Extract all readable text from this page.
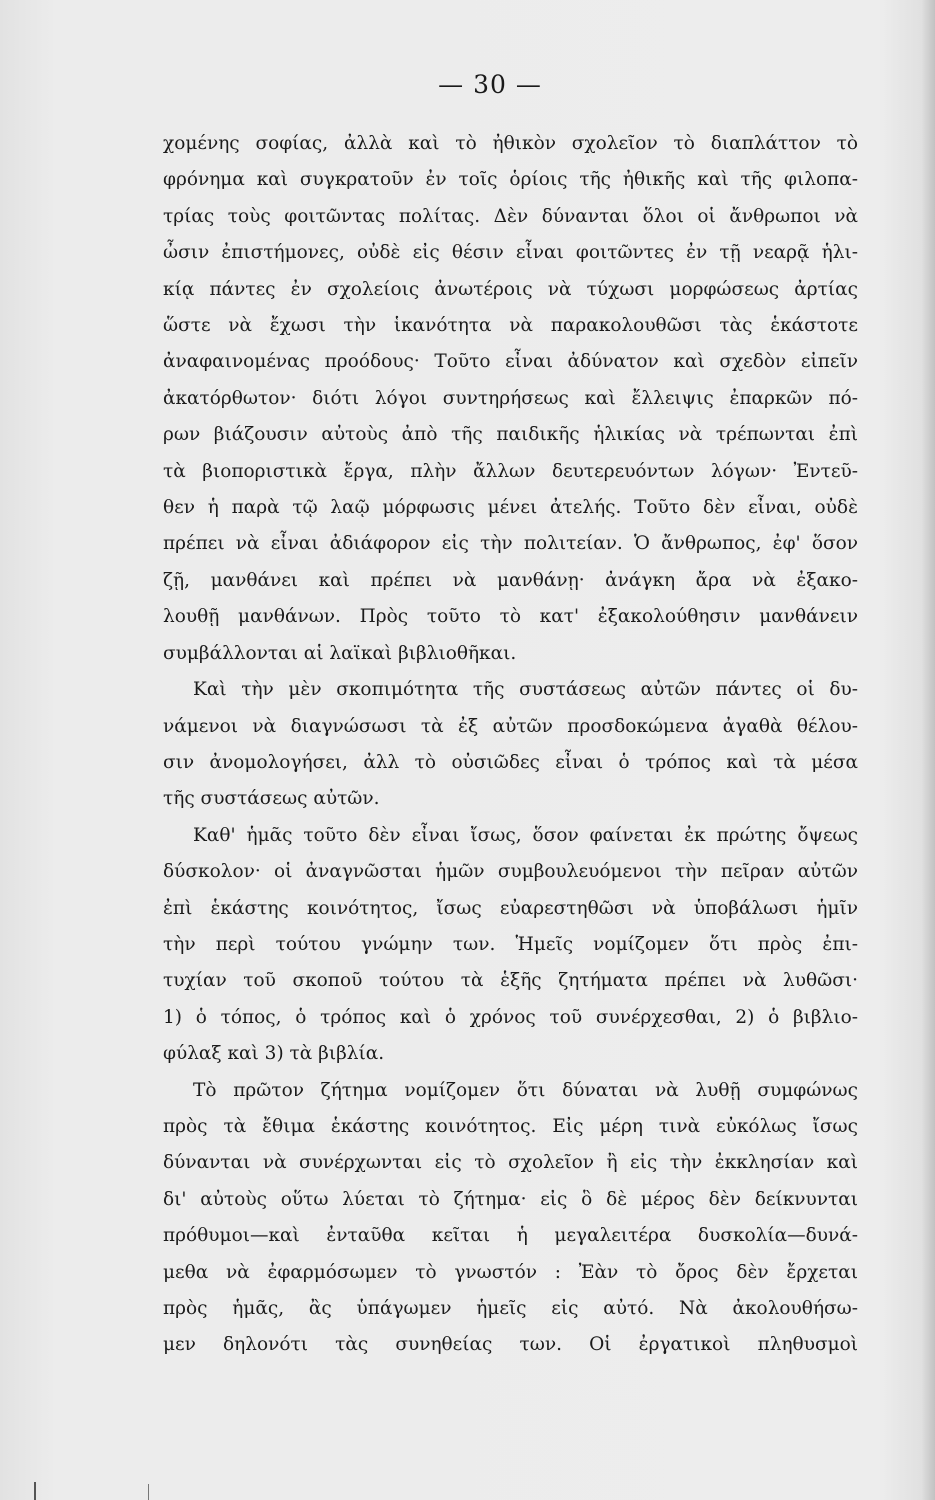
— 30 —
χομένης σοφίας, ἀλλὰ καὶ τὸ ἠθικὸν σχολεῖον τὸ διαπλάττον τὸ
φρόνημα καὶ συγκρατοῦν ἐν τοῖς ὁρίοις τῆς ἠθικῆς καὶ τῆς φιλοπα-
τρίας τοὺς φοιτῶντας πολίτας. Δὲν δύνανται ὅλοι οἱ ἄνθρωποι νὰ
ὦσιν ἐπιστήμονες, οὐδὲ εἰς θέσιν εἶναι φοιτῶντες ἐν τῇ νεαρᾷ ἡλι-
κίᾳ πάντες ἐν σχολείοις ἀνωτέροις νὰ τύχωσι μορφώσεως ἀρτίας
ὥστε νὰ ἔχωσι τὴν ἱκανότητα νὰ παρακολουθῶσι τὰς ἑκάστοτε
ἀναφαινομένας προόδους· Τοῦτο εἶναι ἀδύνατον καὶ σχεδὸν εἰπεῖν
ἀκατόρθωτον· διότι λόγοι συντηρήσεως καὶ ἔλλειψις ἐπαρκῶν πό-
ρων βιάζουσιν αὐτοὺς ἀπὸ τῆς παιδικῆς ἡλικίας νὰ τρέπωνται ἐπὶ
τὰ βιοποριστικὰ ἔργα, πλὴν ἄλλων δευτερευόντων λόγων· Ἐντεῦ-
θεν ἡ παρὰ τῷ λαῷ μόρφωσις μένει ἀτελής. Τοῦτο δὲν εἶναι, οὐδὲ
πρέπει νὰ εἶναι ἀδιάφορον εἰς τὴν πολιτείαν. Ὁ ἄνθρωπος, ἐφ' ὅσον
ζῇ, μανθάνει καὶ πρέπει νὰ μανθάνῃ· ἀνάγκη ἄρα νὰ ἐξακο-
λουθῇ μανθάνων. Πρὸς τοῦτο τὸ κατ' ἐξακολούθησιν μανθάνειν
συμβάλλονται αἱ λαϊκαὶ βιβλιοθῆκαι.
Καὶ τὴν μὲν σκοπιμότητα τῆς συστάσεως αὐτῶν πάντες οἱ δυ-
νάμενοι νὰ διαγνώσωσι τὰ ἐξ αὐτῶν προσδοκώμενα ἀγαθὰ θέλου-
σιν ἀνομολογήσει, ἀλλ τὸ οὐσιῶδες εἶναι ὁ τρόπος καὶ τὰ μέσα
τῆς συστάσεως αὐτῶν.
Καθ' ἡμᾶς τοῦτο δὲν εἶναι ἴσως, ὅσον φαίνεται ἐκ πρώτης ὄψεως
δύσκολον· οἱ ἀναγνῶσται ἡμῶν συμβουλευόμενοι τὴν πεῖραν αὐτῶν
ἐπὶ ἑκάστης κοινότητος, ἴσως εὐαρεστηθῶσι νὰ ὑποβάλωσι ἡμῖν
τὴν περὶ τούτου γνώμην των. Ἡμεῖς νομίζομεν ὅτι πρὸς ἐπι-
τυχίαν τοῦ σκοποῦ τούτου τὰ ἑξῆς ζητήματα πρέπει νὰ λυθῶσι·
1) ὁ τόπος, ὁ τρόπος καὶ ὁ χρόνος τοῦ συνέρχεσθαι, 2) ὁ βιβλιο-
φύλαξ καὶ 3) τὰ βιβλία.
Τὸ πρῶτον ζήτημα νομίζομεν ὅτι δύναται νὰ λυθῇ συμφώνως
πρὸς τὰ ἔθιμα ἑκάστης κοινότητος. Εἰς μέρη τινὰ εὐκόλως ἴσως
δύνανται νὰ συνέρχωνται εἰς τὸ σχολεῖον ἢ εἰς τὴν ἐκκλησίαν καὶ
δι' αὐτοὺς οὕτω λύεται τὸ ζήτημα· εἰς ὃ δὲ μέρος δὲν δείκνυνται
πρόθυμοι—καὶ ἐνταῦθα κεῖται ἡ μεγαλειτέρα δυσκολία—δυνά-
μεθα νὰ ἐφαρμόσωμεν τὸ γνωστόν : Ἐὰν τὸ ὄρος δὲν ἔρχεται
πρὸς ἡμᾶς, ἂς ὑπάγωμεν ἡμεῖς εἰς αὐτό. Νὰ ἀκολουθήσω-
μεν δηλονότι τὰς συνηθείας των. Οἱ ἐργατικοὶ πληθυσμοὶ
